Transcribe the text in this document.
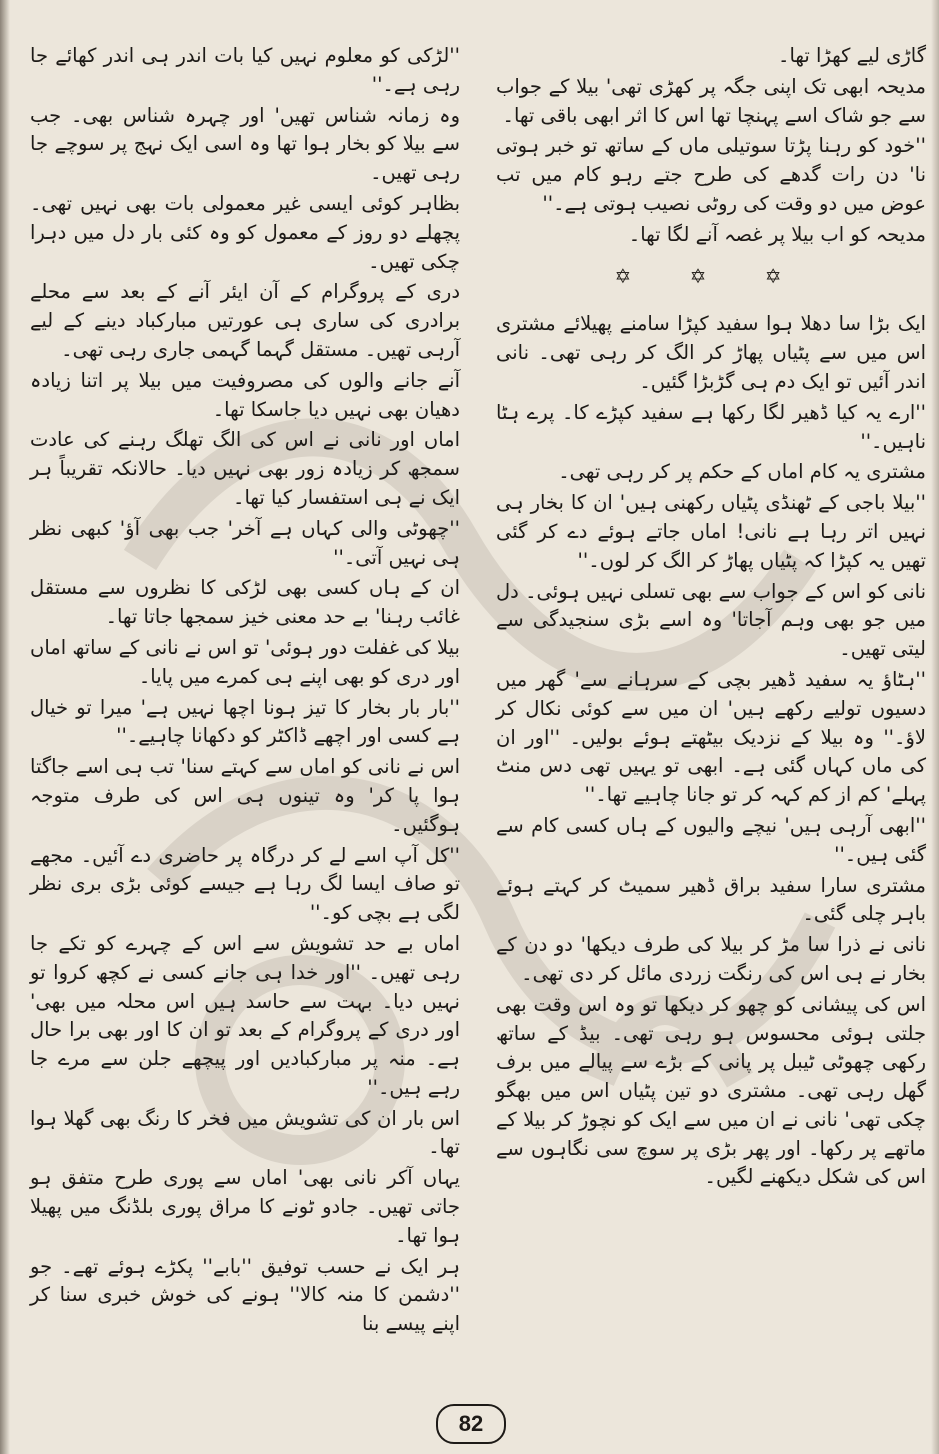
گاڑی لیے کھڑا تھا۔

مدیحہ ابھی تک اپنی جگہ پر کھڑی تھی' بیلا کے جواب سے جو شاک اسے پہنچا تھا اس کا اثر ابھی باقی تھا۔

''خود کو رہنا پڑتا سوتیلی ماں کے ساتھ تو خبر ہوتی نا' دن رات گدھے کی طرح جتے رہو کام میں تب عوض میں دو وقت کی روٹی نصیب ہوتی ہے۔''

مدیحہ کو اب بیلا پر غصہ آنے لگا تھا۔

✡ ✡ ✡

ایک بڑا سا دھلا ہوا سفید کپڑا سامنے پھیلائے مشتری اس میں سے پٹیاں پھاڑ کر الگ کر رہی تھی۔ نانی اندر آئیں تو ایک دم ہی گڑبڑا گئیں۔

''ارے یہ کیا ڈھیر لگا رکھا ہے سفید کپڑے کا۔ پرے ہٹا ناہیں۔''

مشتری یہ کام اماں کے حکم پر کر رہی تھی۔

''بیلا باجی کے ٹھنڈی پٹیاں رکھنی ہیں' ان کا بخار ہی نہیں اتر رہا ہے نانی! اماں جاتے ہوئے دے کر گئی تھیں یہ کپڑا کہ پٹیاں پھاڑ کر الگ کر لوں۔''

نانی کو اس کے جواب سے بھی تسلی نہیں ہوئی۔ دل میں جو بھی وہم آجاتا' وہ اسے بڑی سنجیدگی سے لیتی تھیں۔

''ہٹاؤ یہ سفید ڈھیر بچی کے سرہانے سے' گھر میں دسیوں تولیے رکھے ہیں' ان میں سے کوئی نکال کر لاؤ۔'' وہ بیلا کے نزدیک بیٹھتے ہوئے بولیں۔ ''اور ان کی ماں کہاں گئی ہے۔ ابھی تو یہیں تھی دس منٹ پہلے' کم از کم کہہ کر تو جانا چاہیے تھا۔''

''ابھی آرہی ہیں' نیچے والیوں کے ہاں کسی کام سے گئی ہیں۔''

مشتری سارا سفید براق ڈھیر سمیٹ کر کہتے ہوئے باہر چلی گئی۔

نانی نے ذرا سا مڑ کر بیلا کی طرف دیکھا' دو دن کے بخار نے ہی اس کی رنگت زردی مائل کر دی تھی۔

اس کی پیشانی کو چھو کر دیکھا تو وہ اس وقت بھی جلتی ہوئی محسوس ہو رہی تھی۔ بیڈ کے ساتھ رکھی چھوٹی ٹیبل پر پانی کے بڑے سے پیالے میں برف گھل رہی تھی۔ مشتری دو تین پٹیاں اس میں بھگو چکی تھی' نانی نے ان میں سے ایک کو نچوڑ کر بیلا کے ماتھے پر رکھا۔ اور پھر بڑی پر سوچ سی نگاہوں سے اس کی شکل دیکھنے لگیں۔

''لڑکی کو معلوم نہیں کیا بات اندر ہی اندر کھائے جا رہی ہے۔''

وہ زمانہ شناس تھیں' اور چہرہ شناس بھی۔ جب سے بیلا کو بخار ہوا تھا وہ اسی ایک نہج پر سوچے جا رہی تھیں۔

بظاہر کوئی ایسی غیر معمولی بات بھی نہیں تھی۔ پچھلے دو روز کے معمول کو وہ کئی بار دل میں دہرا چکی تھیں۔

دری کے پروگرام کے آن ایئر آنے کے بعد سے محلے برادری کی ساری ہی عورتیں مبارکباد دینے کے لیے آرہی تھیں۔ مستقل گہما گہمی جاری رہی تھی۔

آنے جانے والوں کی مصروفیت میں بیلا پر اتنا زیادہ دھیان بھی نہیں دیا جاسکا تھا۔

اماں اور نانی نے اس کی الگ تھلگ رہنے کی عادت سمجھ کر زیادہ زور بھی نہیں دیا۔ حالانکہ تقریباً ہر ایک نے ہی استفسار کیا تھا۔

''چھوٹی والی کہاں ہے آخر' جب بھی آؤ' کبھی نظر ہی نہیں آتی۔''

ان کے ہاں کسی بھی لڑکی کا نظروں سے مستقل غائب رہنا' بے حد معنی خیز سمجھا جاتا تھا۔

بیلا کی غفلت دور ہوئی' تو اس نے نانی کے ساتھ اماں اور دری کو بھی اپنے ہی کمرے میں پایا۔

''بار بار بخار کا تیز ہونا اچھا نہیں ہے' میرا تو خیال ہے کسی اور اچھے ڈاکٹر کو دکھانا چاہیے۔''

اس نے نانی کو اماں سے کہتے سنا' تب ہی اسے جاگتا ہوا پا کر' وہ تینوں ہی اس کی طرف متوجہ ہوگئیں۔

''کل آپ اسے لے کر درگاہ پر حاضری دے آئیں۔ مجھے تو صاف ایسا لگ رہا ہے جیسے کوئی بڑی بری نظر لگی ہے بچی کو۔''

اماں بے حد تشویش سے اس کے چہرے کو تکے جا رہی تھیں۔ ''اور خدا ہی جانے کسی نے کچھ کروا تو نہیں دیا۔ بہت سے حاسد ہیں اس محلہ میں بھی' اور دری کے پروگرام کے بعد تو ان کا اور بھی برا حال ہے۔ منہ پر مبارکبادیں اور پیچھے جلن سے مرے جا رہے ہیں۔''

اس بار ان کی تشویش میں فخر کا رنگ بھی گھلا ہوا تھا۔

یہاں آکر نانی بھی' اماں سے پوری طرح متفق ہو جاتی تھیں۔ جادو ٹونے کا مراق پوری بلڈنگ میں پھیلا ہوا تھا۔

ہر ایک نے حسب توفیق ''بابے'' پکڑے ہوئے تھے۔ جو ''دشمن کا منہ کالا'' ہونے کی خوش خبری سنا کر اپنے پیسے بنا

82
